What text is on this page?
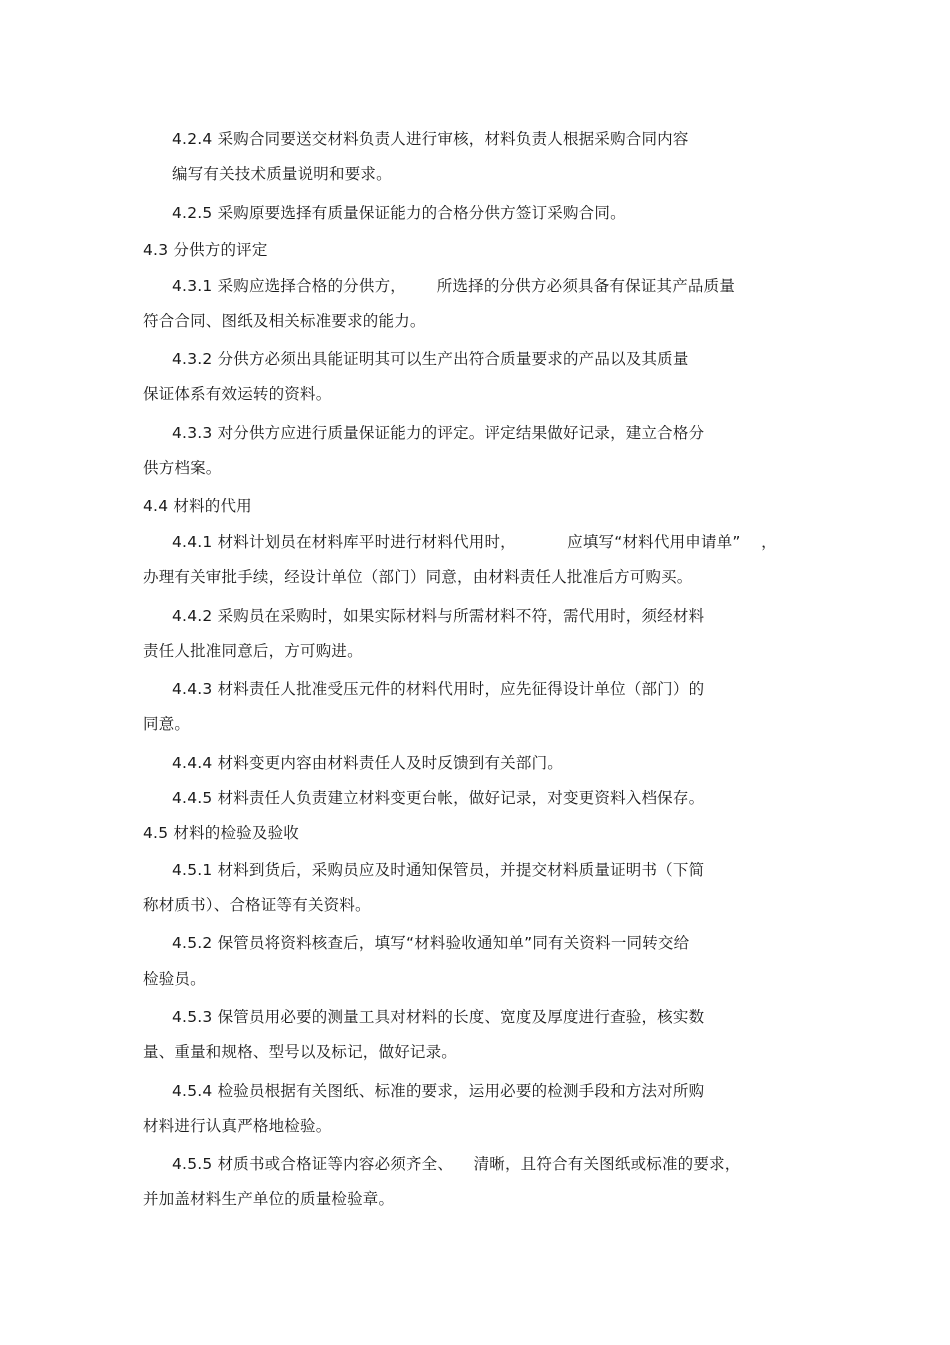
4.2.4 采购合同要送交材料负责人进行审核，材料负责人根据采购合同内容
编写有关技术质量说明和要求。
4.2.5 采购原要选择有质量保证能力的合格分供方签订采购合同。
4.3 分供方的评定
4.3.1 采购应选择合格的分供方，      所选择的分供方必须具备有保证其产品质量
符合合同、图纸及相关标准要求的能力。
4.3.2 分供方必须出具能证明其可以生产出符合质量要求的产品以及其质量
保证体系有效运转的资料。
4.3.3 对分供方应进行质量保证能力的评定。评定结果做好记录，建立合格分
供方档案。
4.4 材料的代用
4.4.1 材料计划员在材料库平时进行材料代用时，          应填写“材料代用申请单”    ，
办理有关审批手续，经设计单位（部门）同意，由材料责任人批准后方可购买。
4.4.2 采购员在采购时，如果实际材料与所需材料不符，需代用时，须经材料
责任人批准同意后，方可购进。
4.4.3 材料责任人批准受压元件的材料代用时，应先征得设计单位（部门）的
同意。
4.4.4 材料变更内容由材料责任人及时反馈到有关部门。
4.4.5 材料责任人负责建立材料变更台帐，做好记录，对变更资料入档保存。
4.5 材料的检验及验收
4.5.1 材料到货后，采购员应及时通知保管员，并提交材料质量证明书（下简
称材质书）、合格证等有关资料。
4.5.2 保管员将资料核查后，填写“材料验收通知单”同有关资料一同转交给
检验员。
4.5.3 保管员用必要的测量工具对材料的长度、宽度及厚度进行查验，核实数
量、重量和规格、型号以及标记，做好记录。
4.5.4 检验员根据有关图纸、标准的要求，运用必要的检测手段和方法对所购
材料进行认真严格地检验。
4.5.5 材质书或合格证等内容必须齐全、    清晰，且符合有关图纸或标准的要求，
并加盖材料生产单位的质量检验章。
